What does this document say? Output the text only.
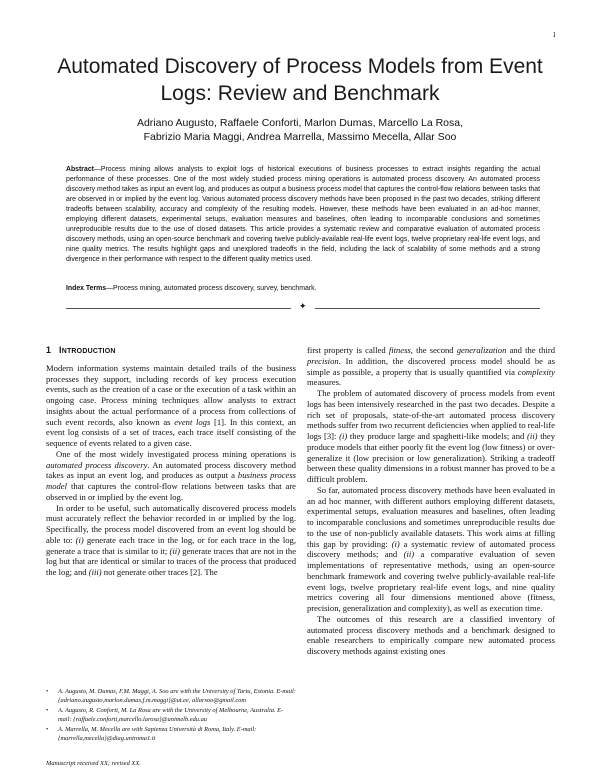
1
Automated Discovery of Process Models from Event Logs: Review and Benchmark
Adriano Augusto, Raffaele Conforti, Marlon Dumas, Marcello La Rosa,
Fabrizio Maria Maggi, Andrea Marrella, Massimo Mecella, Allar Soo
Abstract—Process mining allows analysts to exploit logs of historical executions of business processes to extract insights regarding the actual performance of these processes. One of the most widely studied process mining operations is automated process discovery. An automated process discovery method takes as input an event log, and produces as output a business process model that captures the control-flow relations between tasks that are observed in or implied by the event log. Various automated process discovery methods have been proposed in the past two decades, striking different tradeoffs between scalability, accuracy and complexity of the resulting models. However, these methods have been evaluated in an ad-hoc manner, employing different datasets, experimental setups, evaluation measures and baselines, often leading to incomparable conclusions and sometimes unreproducible results due to the use of closed datasets. This article provides a systematic review and comparative evaluation of automated process discovery methods, using an open-source benchmark and covering twelve publicly-available real-life event logs, twelve proprietary real-life event logs, and nine quality metrics. The results highlight gaps and unexplored tradeoffs in the field, including the lack of scalability of some methods and a strong divergence in their performance with respect to the different quality metrics used.
Index Terms—Process mining, automated process discovery, survey, benchmark.
✦
1 INTRODUCTION

Modern information systems maintain detailed trails of the business processes they support, including records of key process execution events, such as the creation of a case or the execution of a task within an ongoing case. Process mining techniques allow analysts to extract insights about the actual performance of a process from collections of such event records, also known as event logs [1]. In this context, an event log consists of a set of traces, each trace itself consisting of the sequence of events related to a given case.

One of the most widely investigated process mining operations is automated process discovery. An automated process discovery method takes as input an event log, and produces as output a business process model that captures the control-flow relations between tasks that are observed in or implied by the event log.

In order to be useful, such automatically discovered process models must accurately reflect the behavior recorded in or implied by the log. Specifically, the process model discovered from an event log should be able to: (i) generate each trace in the log, or for each trace in the log, generate a trace that is similar to it; (ii) generate traces that are not in the log but that are identical or similar to traces of the process that produced the log; and (iii) not generate other traces [2]. The

• A. Augusto, M. Dumas, F.M. Maggi, A. Soo are with the University of Tartu, Estonia. E-mail: {adriano.augusto,marlon.dumas,f.m.maggi}@ut.ee, allarsoo@gmail.com
• A. Augusto, R. Conforti, M. La Rosa are with the University of Melbourne, Australia. E-mail: {raffaele.conforti,marcello.larosa}@unimelb.edu.au
• A. Marrella, M. Mecella are with Sapienza Università di Roma, Italy. E-mail: {marrella,mecella}@diag.uniroma1.it
Manuscript received XX; revised XX.

first property is called fitness, the second generalization and the third precision. In addition, the discovered process model should be as simple as possible, a property that is usually quantified via complexity measures.

The problem of automated discovery of process models from event logs has been intensively researched in the past two decades. Despite a rich set of proposals, state-of-the-art automated process discovery methods suffer from two recurrent deficiencies when applied to real-life logs [3]: (i) they produce large and spaghetti-like models; and (ii) they produce models that either poorly fit the event log (low fitness) or over-generalize it (low precision or low generalization). Striking a tradeoff between these quality dimensions in a robust manner has proved to be a difficult problem.

So far, automated process discovery methods have been evaluated in an ad hoc manner, with different authors employing different datasets, experimental setups, evaluation measures and baselines, often leading to incomparable conclusions and sometimes unreproducible results due to the use of non-publicly available datasets. This work aims at filling this gap by providing: (i) a systematic review of automated process discovery methods; and (ii) a comparative evaluation of seven implementations of representative methods, using an open-source benchmark framework and covering twelve publicly-available real-life event logs, twelve proprietary real-life event logs, and nine quality metrics covering all four dimensions mentioned above (fitness, precision, generalization and complexity), as well as execution time.

The outcomes of this research are a classified inventory of automated process discovery methods and a benchmark designed to enable researchers to empirically compare new automated process discovery methods against existing ones
